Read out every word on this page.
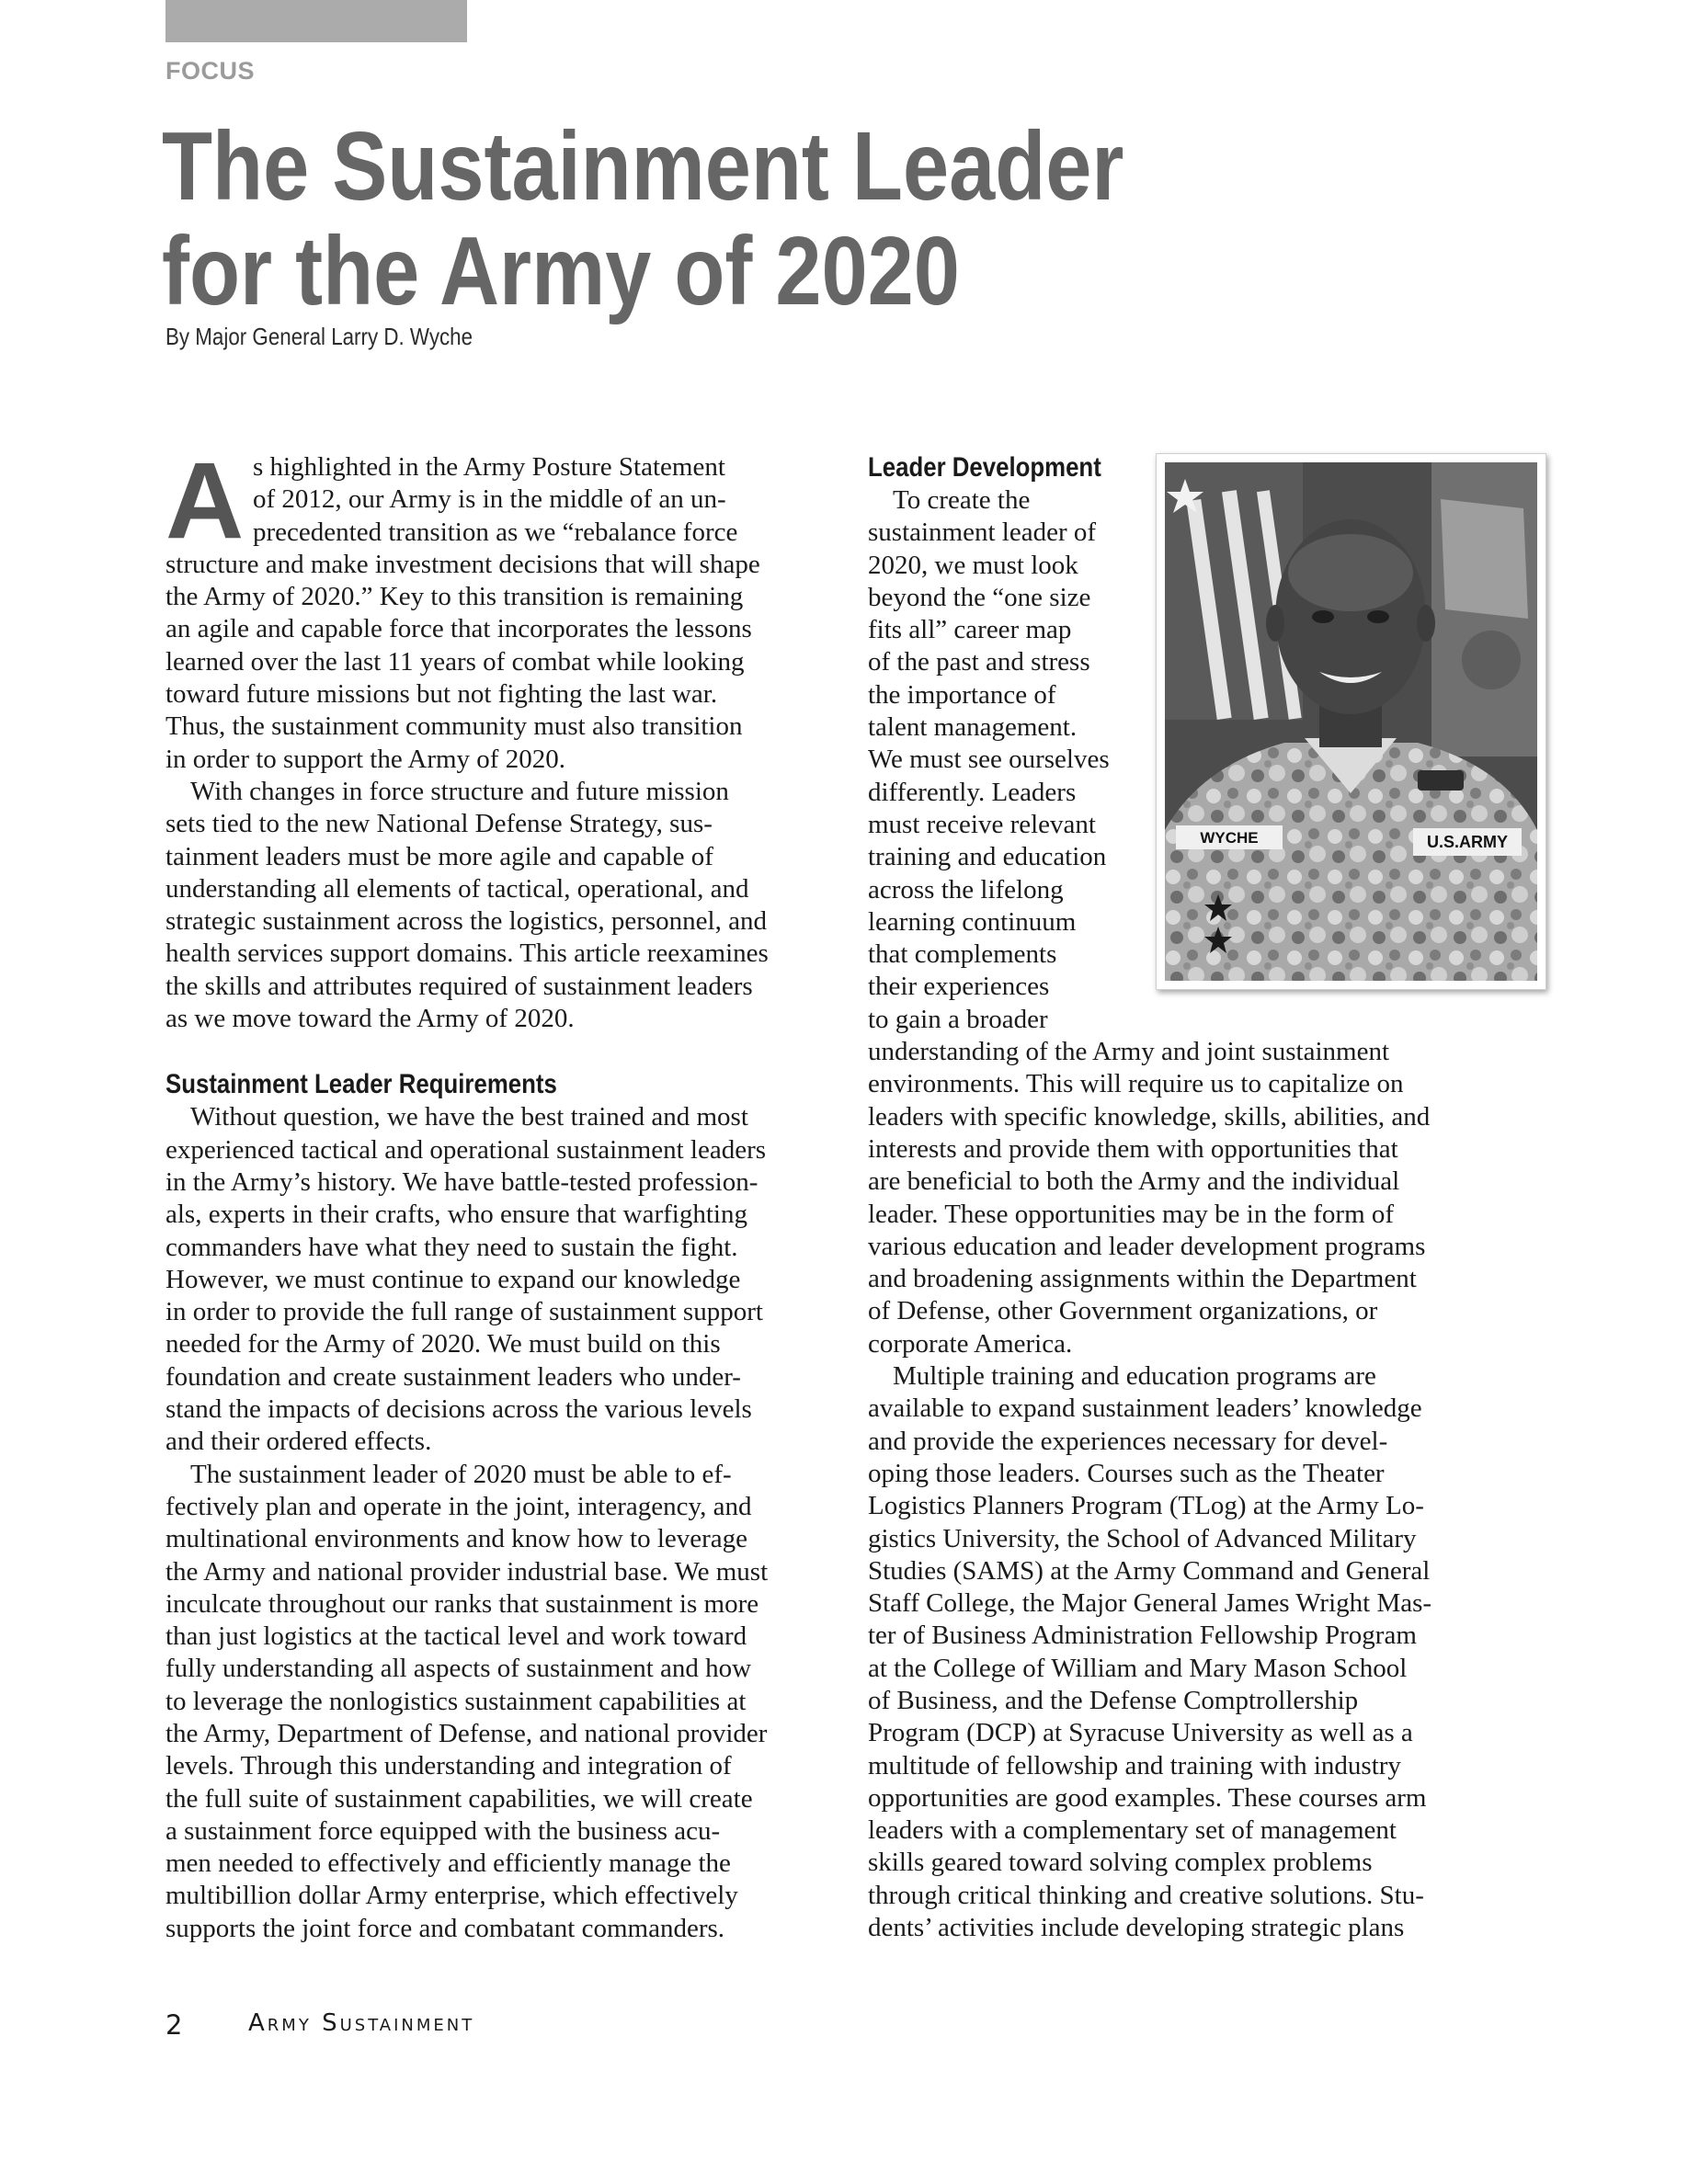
FOCUS
The Sustainment Leader
for the Army of 2020
By Major General Larry D. Wyche
A s highlighted in the Army Posture Statement
of 2012, our Army is in the middle of an un-
precedented transition as we “rebalance force
structure and make investment decisions that will shape
the Army of 2020.” Key to this transition is remaining
an agile and capable force that incorporates the lessons
learned over the last 11 years of combat while looking
toward future missions but not fighting the last war.
Thus, the sustainment community must also transition
in order to support the Army of 2020.
With changes in force structure and future mission
sets tied to the new National Defense Strategy, sus-
tainment leaders must be more agile and capable of
understanding all elements of tactical, operational, and
strategic sustainment across the logistics, personnel, and
health services support domains. This article reexamines
the skills and attributes required of sustainment leaders
as we move toward the Army of 2020.
Sustainment Leader Requirements
Without question, we have the best trained and most
experienced tactical and operational sustainment leaders
in the Army’s history. We have battle-tested profession-
als, experts in their crafts, who ensure that warfighting
commanders have what they need to sustain the fight.
However, we must continue to expand our knowledge
in order to provide the full range of sustainment support
needed for the Army of 2020. We must build on this
foundation and create sustainment leaders who under-
stand the impacts of decisions across the various levels
and their ordered effects.
The sustainment leader of 2020 must be able to ef-
fectively plan and operate in the joint, interagency, and
multinational environments and know how to leverage
the Army and national provider industrial base. We must
inculcate throughout our ranks that sustainment is more
than just logistics at the tactical level and work toward
fully understanding all aspects of sustainment and how
to leverage the nonlogistics sustainment capabilities at
the Army, Department of Defense, and national provider
levels. Through this understanding and integration of
the full suite of sustainment capabilities, we will create
a sustainment force equipped with the business acu-
men needed to effectively and efficiently manage the
multibillion dollar Army enterprise, which effectively
supports the joint force and combatant commanders.
Leader Development
To create the
sustainment leader of
2020, we must look
beyond the “one size
fits all” career map
of the past and stress
the importance of
talent management.
We must see ourselves
differently. Leaders
must receive relevant
training and education
across the lifelong
learning continuum
that complements
their experiences
to gain a broader
understanding of the Army and joint sustainment
environments. This will require us to capitalize on
leaders with specific knowledge, skills, abilities, and
interests and provide them with opportunities that
are beneficial to both the Army and the individual
leader. These opportunities may be in the form of
various education and leader development programs
and broadening assignments within the Department
of Defense, other Government organizations, or
corporate America.
Multiple training and education programs are
available to expand sustainment leaders’ knowledge
and provide the experiences necessary for devel-
oping those leaders. Courses such as the Theater
Logistics Planners Program (TLog) at the Army Lo-
gistics University, the School of Advanced Military
Studies (SAMS) at the Army Command and General
Staff College, the Major General James Wright Mas-
ter of Business Administration Fellowship Program
at the College of William and Mary Mason School
of Business, and the Defense Comptrollership
Program (DCP) at Syracuse University as well as a
multitude of fellowship and training with industry
opportunities are good examples. These courses arm
leaders with a complementary set of management
skills geared toward solving complex problems
through critical thinking and creative solutions. Stu-
dents’ activities include developing strategic plans
WYCHE	U.S.ARMY
2	Army Sustainment
